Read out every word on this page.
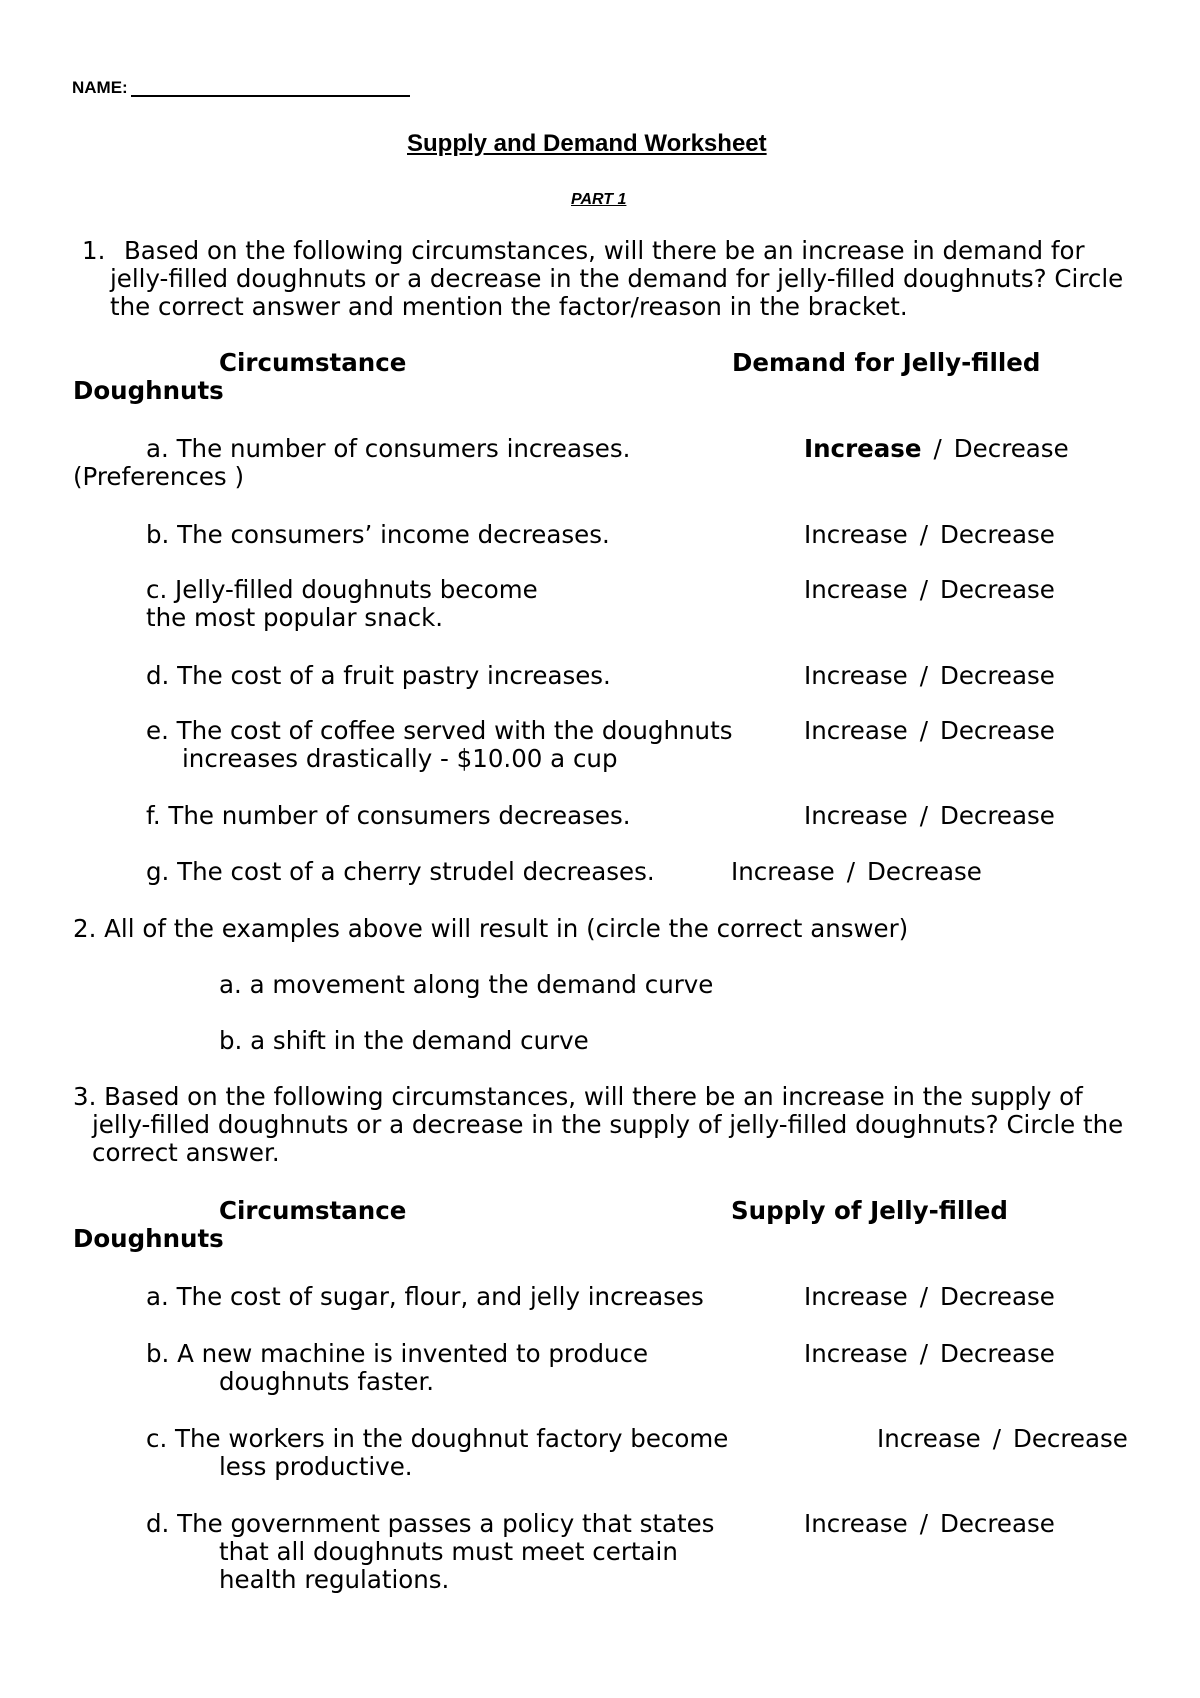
NAME:
Supply and Demand Worksheet
PART 1
1. Based on the following circumstances, will there be an increase in demand for
jelly-filled doughnuts or a decrease in the demand for jelly-filled doughnuts? Circle
the correct answer and mention the factor/reason in the bracket.
Circumstance	Demand for Jelly-filled
Doughnuts
a. The number of consumers increases.	Increase / Decrease
(Preferences )
b. The consumers’ income decreases.	Increase / Decrease
c. Jelly-filled doughnuts become
the most popular snack.
Increase / Decrease
d. The cost of a fruit pastry increases.	Increase / Decrease
e. The cost of coffee served with the doughnuts
increases drastically - $10.00 a cup
Increase / Decrease
f. The number of consumers decreases.	Increase / Decrease
g. The cost of a cherry strudel decreases.	Increase / Decrease
2. All of the examples above will result in (circle the correct answer)
a. a movement along the demand curve
b. a shift in the demand curve
3. Based on the following circumstances, will there be an increase in the supply of
jelly-filled doughnuts or a decrease in the supply of jelly-filled doughnuts? Circle the
correct answer.
Circumstance	Supply of Jelly-filled
Doughnuts
a. The cost of sugar, flour, and jelly increases	Increase / Decrease
b. A new machine is invented to produce
doughnuts faster.
Increase / Decrease
c. The workers in the doughnut factory become
less productive.
Increase / Decrease
d. The government passes a policy that states
that all doughnuts must meet certain
health regulations.
Increase / Decrease
